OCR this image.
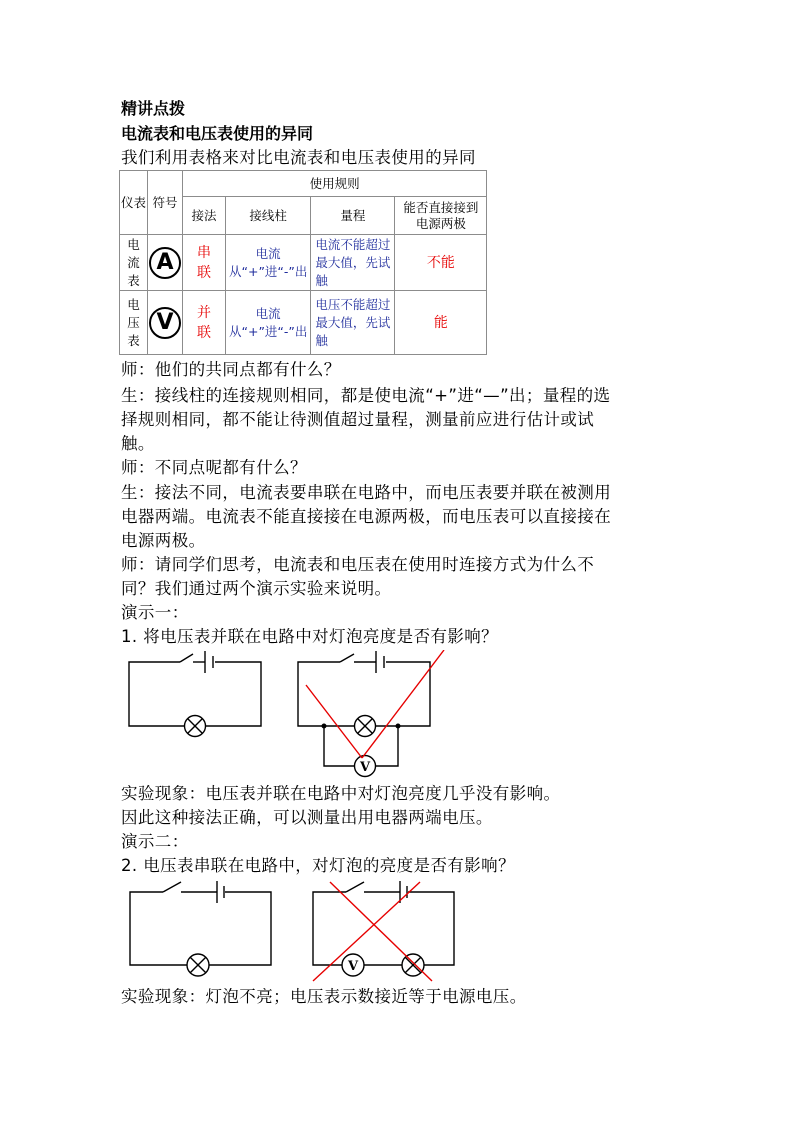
精讲点拨
电流表和电压表使用的异同
我们利用表格来对比电流表和电压表使用的异同
仪表	符号	使用规则			
		接法	接线柱	量程	能否直接接到电源两极
电流表	A	串联	电流从“+”进“-”出	电流不能超过最大值，先试触	不能
电压表	V	并联	电流从“+”进“-”出	电压不能超过最大值，先试触	能
师：他们的共同点都有什么？
生：接线柱的连接规则相同，都是使电流“+”进“—”出；量程的选
择规则相同，都不能让待测值超过量程，测量前应进行估计或试
触。
师：不同点呢都有什么？
生：接法不同，电流表要串联在电路中，而电压表要并联在被测用
电器两端。电流表不能直接接在电源两极，而电压表可以直接接在
电源两极。
师：请同学们思考，电流表和电压表在使用时连接方式为什么不
同？我们通过两个演示实验来说明。
演示一：
1. 将电压表并联在电路中对灯泡亮度是否有影响？
V
实验现象：电压表并联在电路中对灯泡亮度几乎没有影响。
因此这种接法正确，可以测量出用电器两端电压。
演示二：
2. 电压表串联在电路中，对灯泡的亮度是否有影响？
V
实验现象：灯泡不亮；电压表示数接近等于电源电压。
